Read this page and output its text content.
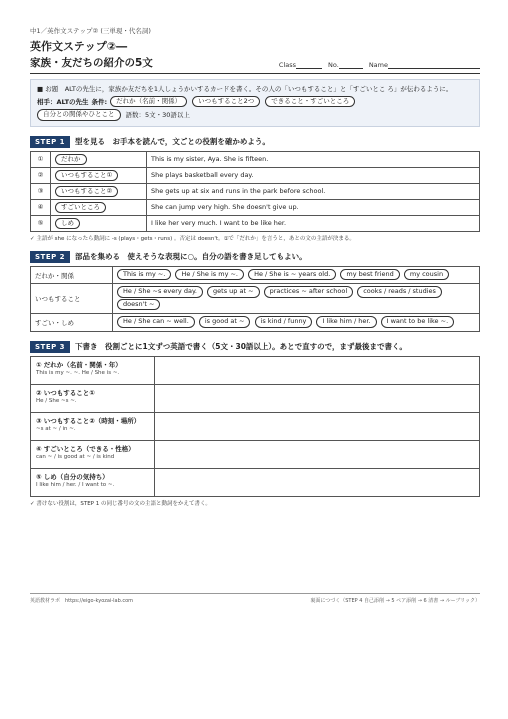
中1／英作文ステップ② (三単現・代名詞)
英作文ステップ②―
家族・友だちの紹介の5文	Class	No.	Name
■ お題　ALTの先生に，家族か友だちを1人しょうかいするカードを書く。その人の「いつもすること」と「すごいとこ ろ」が伝わるように。
相手：ALTの先生 条件:	だれか（名前・関係）	いつもすること2つ	できること・すごいところ
自分との関係やひとこと	語数：5文・30語以上
STEP 1	型を見る　お手本を読んで，文ごとの役割を確かめよう。
①	だれか	This is my sister, Aya. She is fifteen.
②	いつもすること①	She plays basketball every day.
③	いつもすること②	She gets up at six and runs in the park before school.
④	すごいところ	She can jump very high. She doesn't give up.
⑤	しめ	I like her very much. I want to be like her.
✓ 主語が she になったら動詞に -s (plays・gets・runs) 。否定は doesn't。①で「だれか」を言うと，あとの文の主語が決まる。
STEP 2	部品を集める　使えそうな表現に○。自分の語を書き足してもよい。
だれか・関係	This is my ~. He / She is my ~. He / She is ~ years old. my best friend my cousin
いつもすること	He / She ~s every day. gets up at ~ practices ~ after school cooks / reads / studies doesn't ~
すごい・しめ	He / She can ~ well. is good at ~ is kind / funny I like him / her. I want to be like ~.
STEP 3	下書き　役割ごとに1文ずつ英語で書く（5文・30語以上）。あとで直すので，まず最後まで書く。
① だれか（名前・関係・年）
This is my ~. ~. He / She is ~.	

② いつもすること①
He / She ~s ~.	

③ いつもすること②（時刻・場所）
~s at ~ / in ~.	

④ すごいところ（できる・性格）
can ~ / is good at ~ / is kind	

⑤ しめ（自分の気持ち）
I like him / her. / I want to ~.	

✓ 書けない役割は，STEP 1 の同じ番号の文の主語と動詞をかえて書く。
英語教材ラボ　https://eigo-kyozai-lab.com	裏面につづく（STEP 4 自己添削 → 5 ペア添削 → 6 清書 → ルーブリック）
